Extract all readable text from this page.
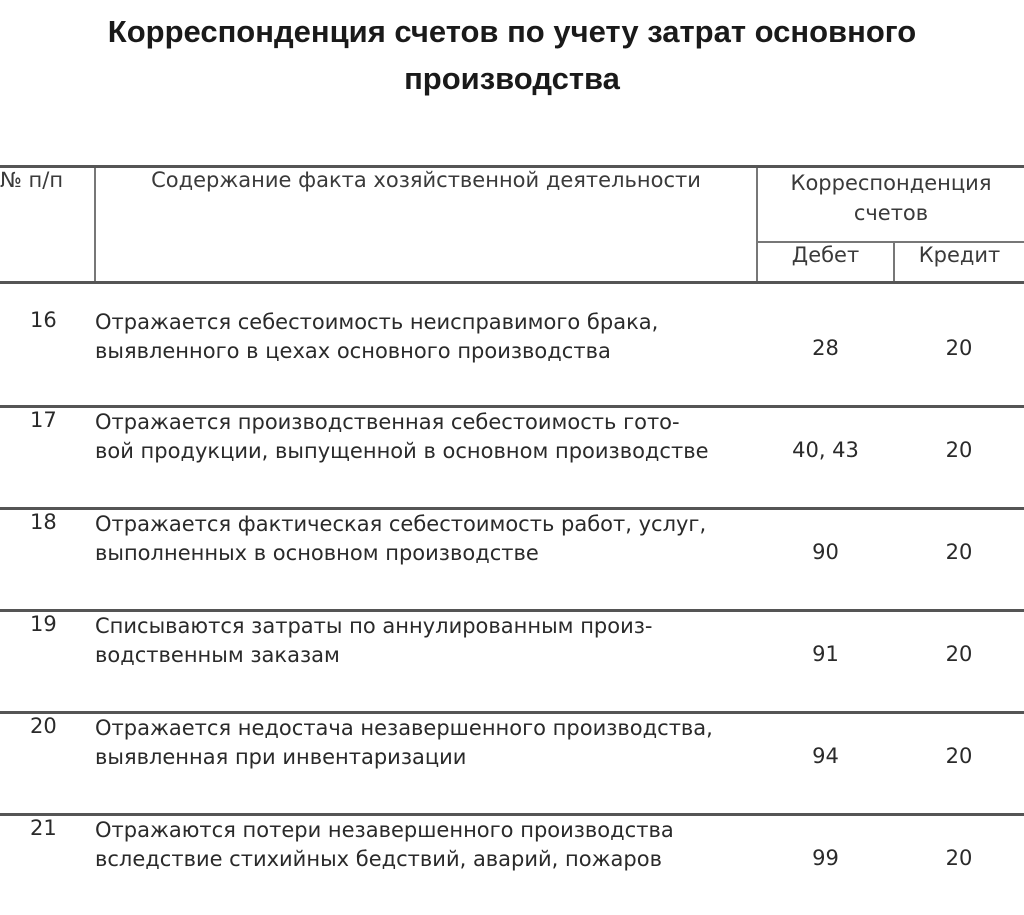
Корреспонденция счетов по учету затрат основного
производства
№ п/п	Содержание факта хозяйственной деятельности	Корреспонденция
счетов	

		Дебет	Кредит
16	Отражается себестоимость неисправимого брака,
выявленного в цехах основного производства	28	20
17	Отражается производственная себестоимость гото-
вой продукции, выпущенной в основном производстве	40, 43	20
18	Отражается фактическая себестоимость работ, услуг,
выполненных в основном производстве	90	20
19	Списываются затраты по аннулированным произ-
водственным заказам	91	20
20	Отражается недостача незавершенного производства,
выявленная при инвентаризации	94	20
21	Отражаются потери незавершенного производства
вследствие стихийных бедствий, аварий, пожаров	99	20
